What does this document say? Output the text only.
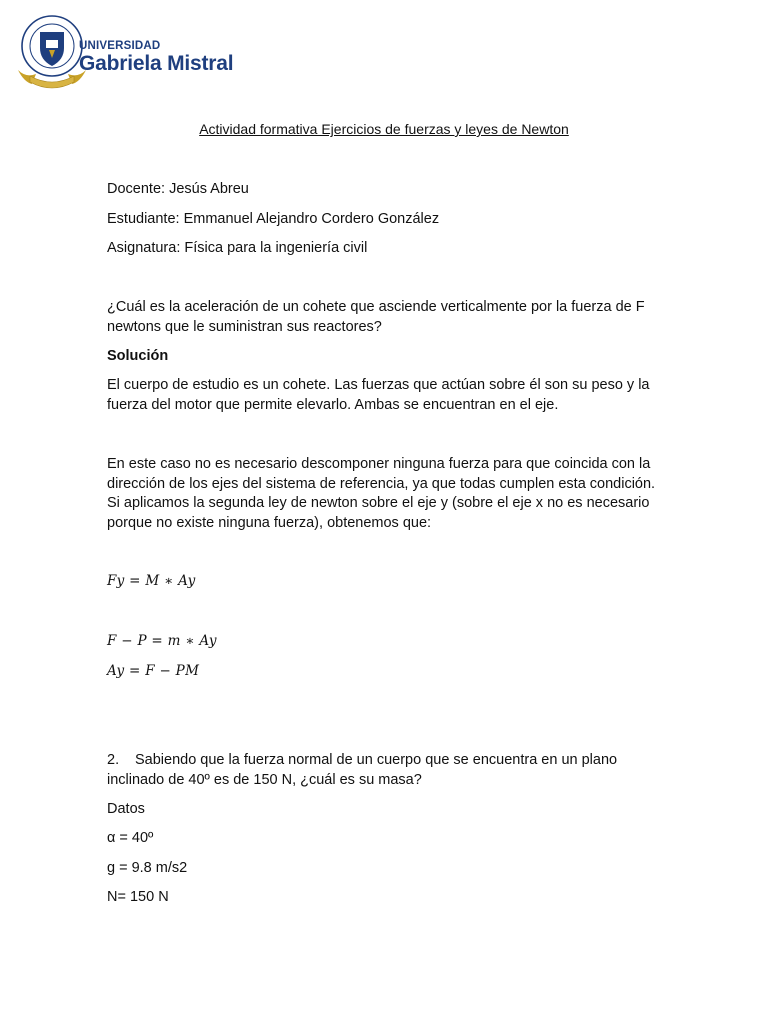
UNIVERSIDAD
Gabriela Mistral
Actividad formativa Ejercicios de fuerzas y leyes de Newton
Docente: Jesús Abreu
Estudiante: Emmanuel Alejandro Cordero González
Asignatura: Física para la ingeniería civil
¿Cuál es la aceleración de un cohete que asciende verticalmente por la fuerza de F newtons que le suministran sus reactores?
Solución
El cuerpo de estudio es un cohete. Las fuerzas que actúan sobre él son su peso y la fuerza del motor que permite elevarlo. Ambas se encuentran en el eje.
En este caso no es necesario descomponer ninguna fuerza para que coincida con la dirección de los ejes del sistema de referencia, ya que todas cumplen esta condición. Si aplicamos la segunda ley de newton sobre el eje y (sobre el eje x no es necesario porque no existe ninguna fuerza), obtenemos que:
Fy = M ∗ Ay
F − P = m ∗ Ay
Ay = F − PM
2. Sabiendo que la fuerza normal de un cuerpo que se encuentra en un plano inclinado de 40º es de 150 N, ¿cuál es su masa?
Datos
α = 40º
g = 9.8 m/s2
N= 150 N
